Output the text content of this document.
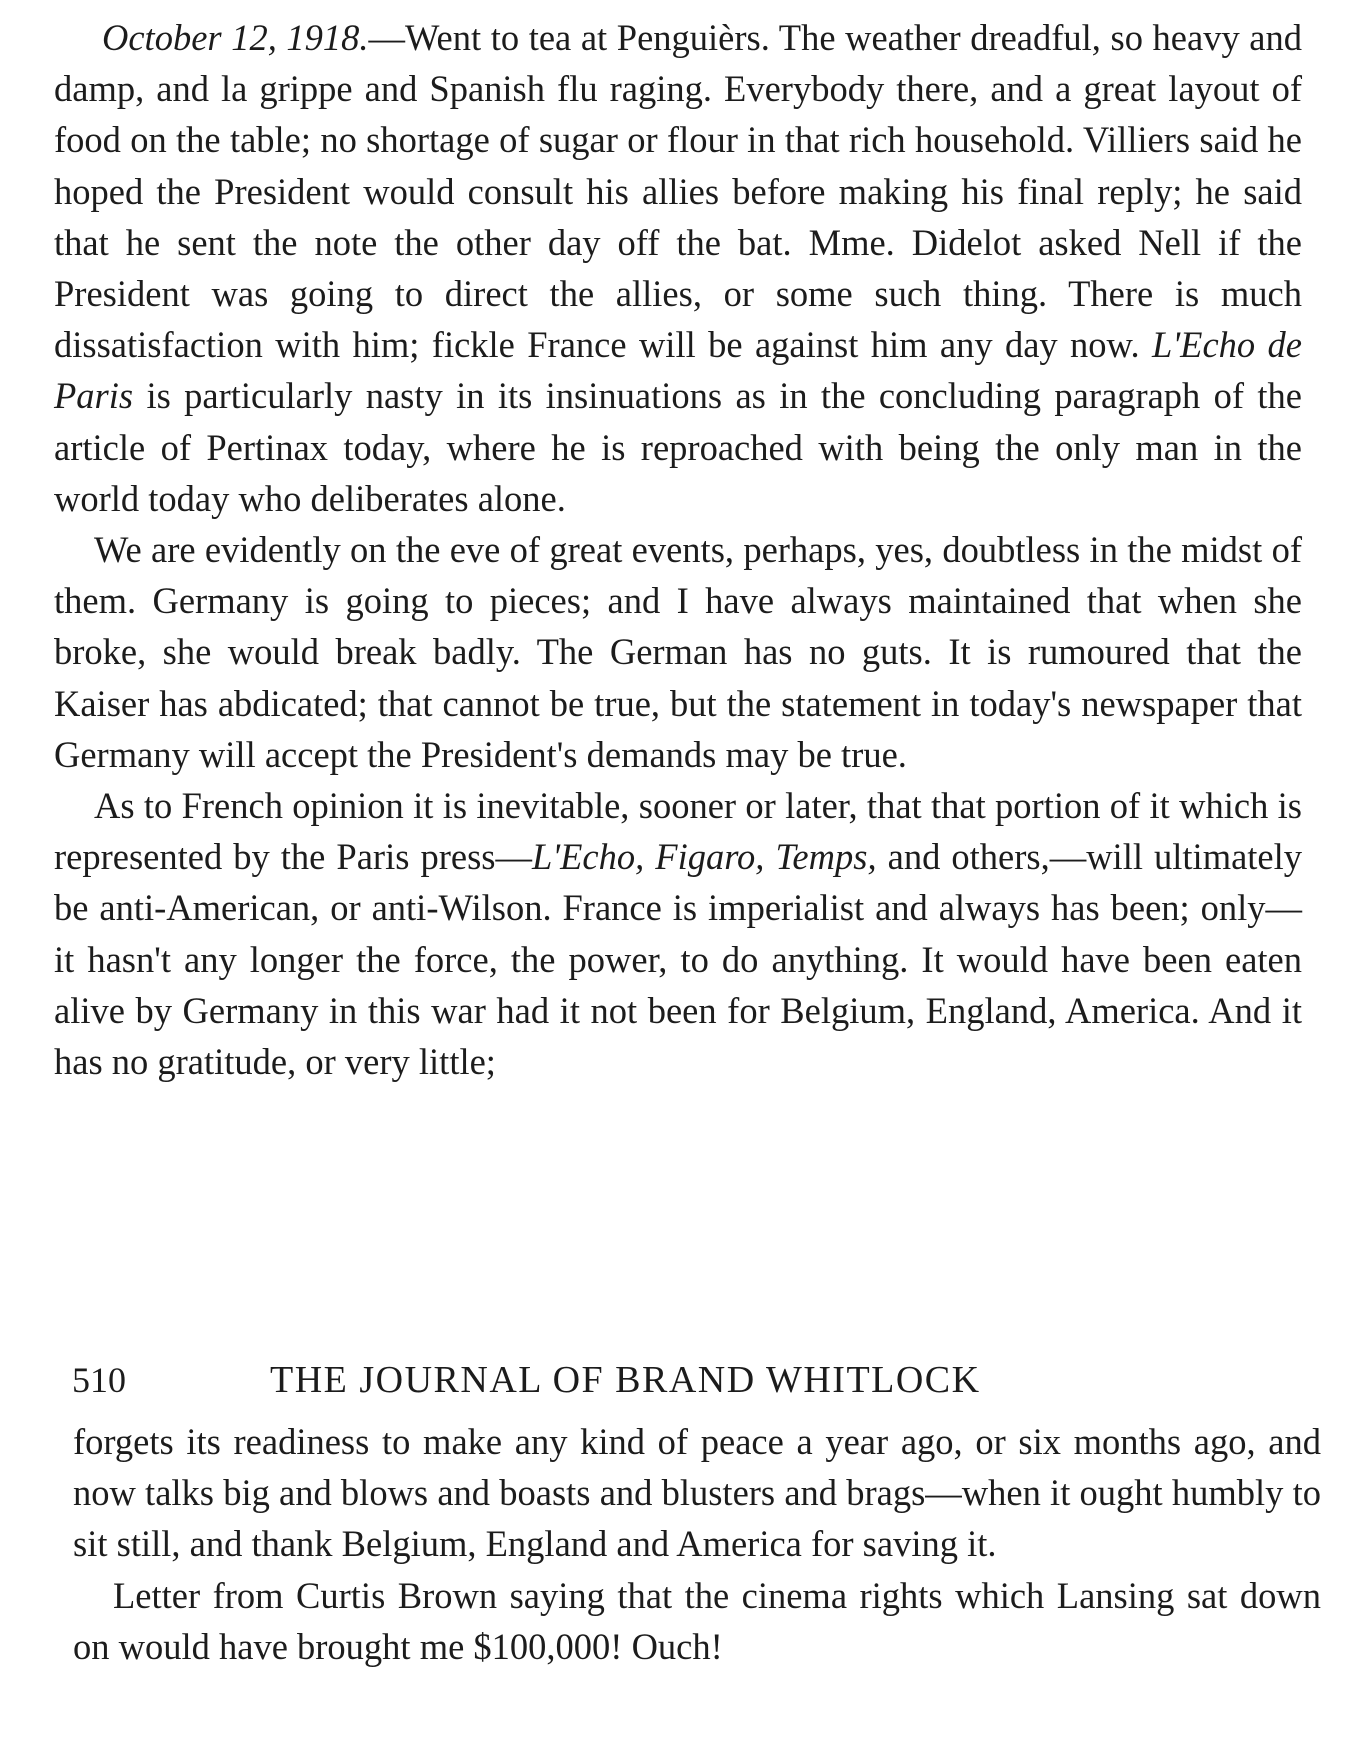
October 12, 1918.—Went to tea at Penguièrs. The weather dreadful, so heavy and damp, and la grippe and Spanish flu raging. Everybody there, and a great layout of food on the table; no shortage of sugar or flour in that rich household. Villiers said he hoped the President would consult his allies before making his final reply; he said that he sent the note the other day off the bat. Mme. Didelot asked Nell if the President was going to direct the allies, or some such thing. There is much dissatisfaction with him; fickle France will be against him any day now. L'Echo de Paris is particularly nasty in its insinuations as in the concluding paragraph of the article of Pertinax today, where he is reproached with being the only man in the world today who deliberates alone.

We are evidently on the eve of great events, perhaps, yes, doubtless in the midst of them. Germany is going to pieces; and I have always maintained that when she broke, she would break badly. The German has no guts. It is rumoured that the Kaiser has abdicated; that cannot be true, but the statement in today's newspaper that Germany will accept the President's demands may be true.

As to French opinion it is inevitable, sooner or later, that that portion of it which is represented by the Paris press—L'Echo, Figaro, Temps, and others,—will ultimately be anti-American, or anti-Wilson. France is imperialist and always has been; only—it hasn't any longer the force, the power, to do anything. It would have been eaten alive by Germany in this war had it not been for Belgium, England, America. And it has no gratitude, or very little;

510	THE JOURNAL OF BRAND WHITLOCK

forgets its readiness to make any kind of peace a year ago, or six months ago, and now talks big and blows and boasts and blusters and brags—when it ought humbly to sit still, and thank Belgium, England and America for saving it.

Letter from Curtis Brown saying that the cinema rights which Lansing sat down on would have brought me $100,000! Ouch!
